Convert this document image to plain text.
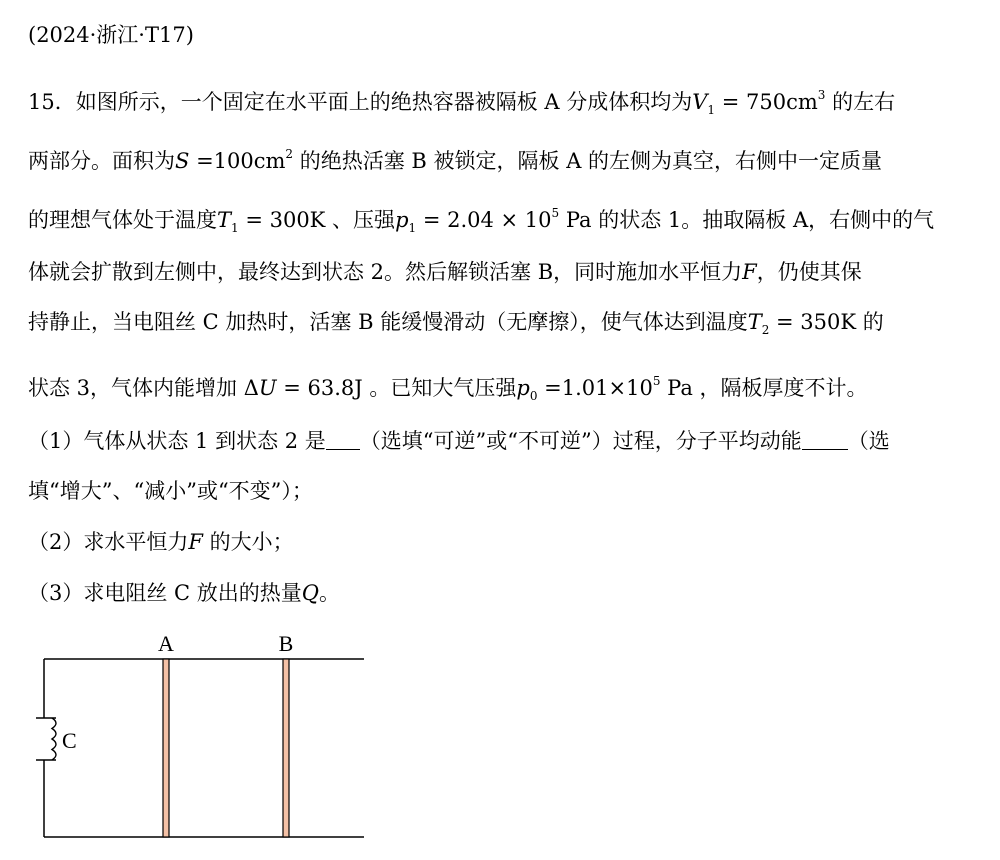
(2024·浙江·T17)
15．如图所示，一个固定在水平面上的绝热容器被隔板 A 分成体积均为$V_1 = 750cm^3$ 的左右
两部分。面积为$S =100cm^2$ 的绝热活塞 B 被锁定，隔板 A 的左侧为真空，右侧中一定质量
的理想气体处于温度$T_1 = 300K$ 、压强$p_1 = 2.04 \times 10^5$ Pa 的状态 1。抽取隔板 A，右侧中的气
体就会扩散到左侧中，最终达到状态 2。然后解锁活塞 B，同时施加水平恒力F，仍使其保
持静止，当电阻丝 C 加热时，活塞 B 能缓慢滑动（无摩擦），使气体达到温度$T_2 = 350K$ 的
状态 3，气体内能增加 ΔU = 63.8J 。已知大气压强$p_0 =1.01\times 10^5$ Pa ，隔板厚度不计。
（1）气体从状态 1 到状态 2 是 （选填“可逆”或“不可逆”）过程，分子平均动能 （选
填“增大”、“减小”或“不变”）；
（2）求水平恒力F 的大小；
（3）求电阻丝 C 放出的热量Q。
A	B
C
